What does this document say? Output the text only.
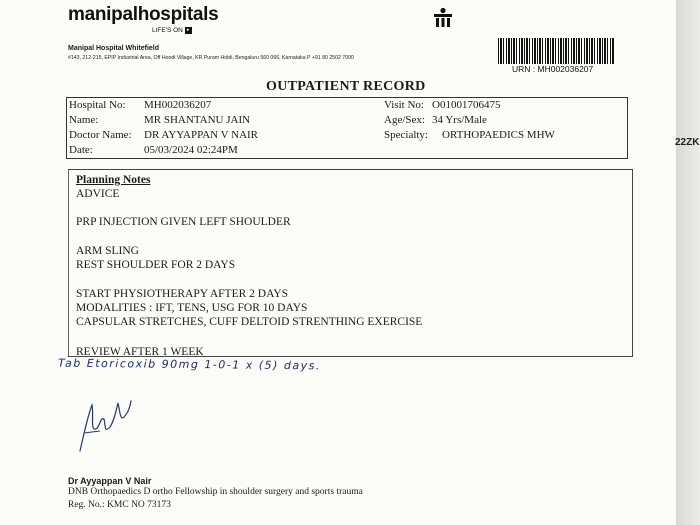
manipalhospitals
LIFE'S ON ▸
Manipal Hospital Whitefield
#143, 212-215, EPIP Industrial Area, Off Hoodi Village, KR Puram Hobli, Bengaluru 560 066, Karnataka P +91 80 2502 7000
URN : MH002036207
OUTPATIENT RECORD
Hospital No: MH002036207	Visit No: O01001706475
Name:	MR SHANTANU JAIN	Age/Sex: 34 Yrs/Male
Doctor Name: DR AYYAPPAN V NAIR	Specialty: ORTHOPAEDICS MHW
Date:	05/03/2024 02:24PM
Planning Notes
ADVICE
PRP INJECTION GIVEN LEFT SHOULDER
ARM SLING
REST SHOULDER FOR 2 DAYS
START PHYSIOTHERAPY AFTER 2 DAYS
MODALITIES : IFT, TENS, USG FOR 10 DAYS
CAPSULAR STRETCHES, CUFF DELTOID STRENTHING EXERCISE
REVIEW AFTER 1 WEEK
Tab Etoricoxib 90mg 1-0-1 x (5) days.
Dr Ayyappan V Nair
DNB Orthopaedics D ortho Fellowship in shoulder surgery and sports trauma
Reg. No.: KMC NO 73173
22ZK
